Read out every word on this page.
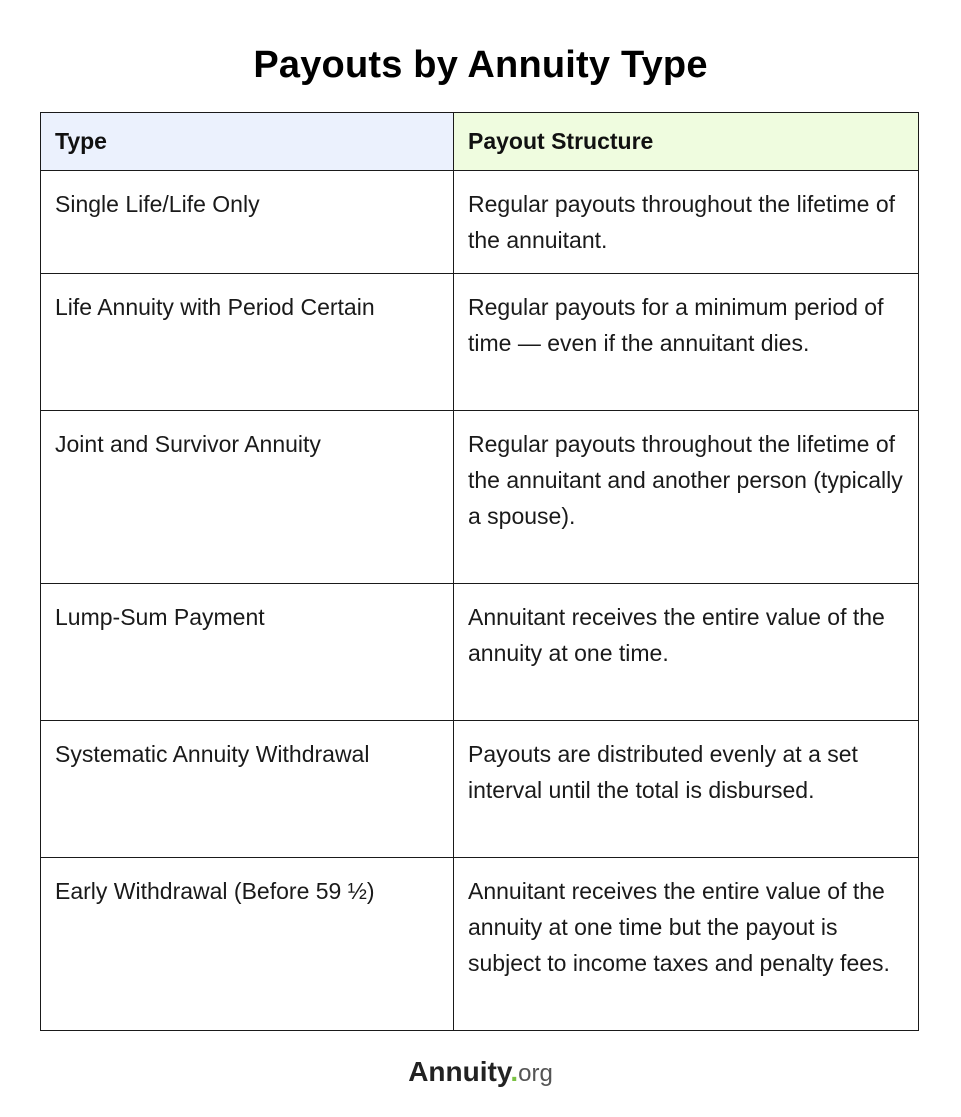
Payouts by Annuity Type
Type	Payout Structure
Single Life/Life Only	Regular payouts throughout the lifetime of the annuitant.
Life Annuity with Period Certain	Regular payouts for a minimum period of time — even if the annuitant dies.
Joint and Survivor Annuity	Regular payouts throughout the lifetime of the annuitant and another person (typically a spouse).
Lump-Sum Payment	Annuitant receives the entire value of the annuity at one time.
Systematic Annuity Withdrawal	Payouts are distributed evenly at a set interval until the total is disbursed.
Early Withdrawal (Before 59 ½)	Annuitant receives the entire value of the annuity at one time but the payout is subject to income taxes and penalty fees.
Annuity.org
